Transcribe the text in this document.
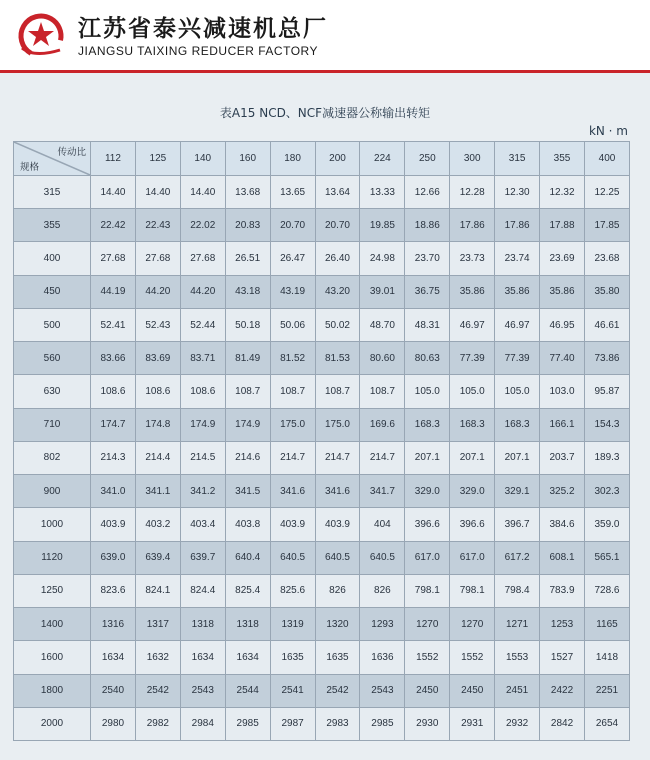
江苏省泰兴减速机总厂
JIANGSU TAIXING REDUCER FACTORY
表A15 NCD、NCF减速器公称输出转矩
kN · m
传动比
规格	112	125	140	160	180	200	224	250	300	315	355	400
315	14.40	14.40	14.40	13.68	13.65	13.64	13.33	12.66	12.28	12.30	12.32	12.25
355	22.42	22.43	22.02	20.83	20.70	20.70	19.85	18.86	17.86	17.86	17.88	17.85
400	27.68	27.68	27.68	26.51	26.47	26.40	24.98	23.70	23.73	23.74	23.69	23.68
450	44.19	44.20	44.20	43.18	43.19	43.20	39.01	36.75	35.86	35.86	35.86	35.80
500	52.41	52.43	52.44	50.18	50.06	50.02	48.70	48.31	46.97	46.97	46.95	46.61
560	83.66	83.69	83.71	81.49	81.52	81.53	80.60	80.63	77.39	77.39	77.40	73.86
630	108.6	108.6	108.6	108.7	108.7	108.7	108.7	105.0	105.0	105.0	103.0	95.87
710	174.7	174.8	174.9	174.9	175.0	175.0	169.6	168.3	168.3	168.3	166.1	154.3
802	214.3	214.4	214.5	214.6	214.7	214.7	214.7	207.1	207.1	207.1	203.7	189.3
900	341.0	341.1	341.2	341.5	341.6	341.6	341.7	329.0	329.0	329.1	325.2	302.3
1000	403.9	403.2	403.4	403.8	403.9	403.9	404	396.6	396.6	396.7	384.6	359.0
1120	639.0	639.4	639.7	640.4	640.5	640.5	640.5	617.0	617.0	617.2	608.1	565.1
1250	823.6	824.1	824.4	825.4	825.6	826	826	798.1	798.1	798.4	783.9	728.6
1400	1316	1317	1318	1318	1319	1320	1293	1270	1270	1271	1253	1165
1600	1634	1632	1634	1634	1635	1635	1636	1552	1552	1553	1527	1418
1800	2540	2542	2543	2544	2541	2542	2543	2450	2450	2451	2422	2251
2000	2980	2982	2984	2985	2987	2983	2985	2930	2931	2932	2842	2654
